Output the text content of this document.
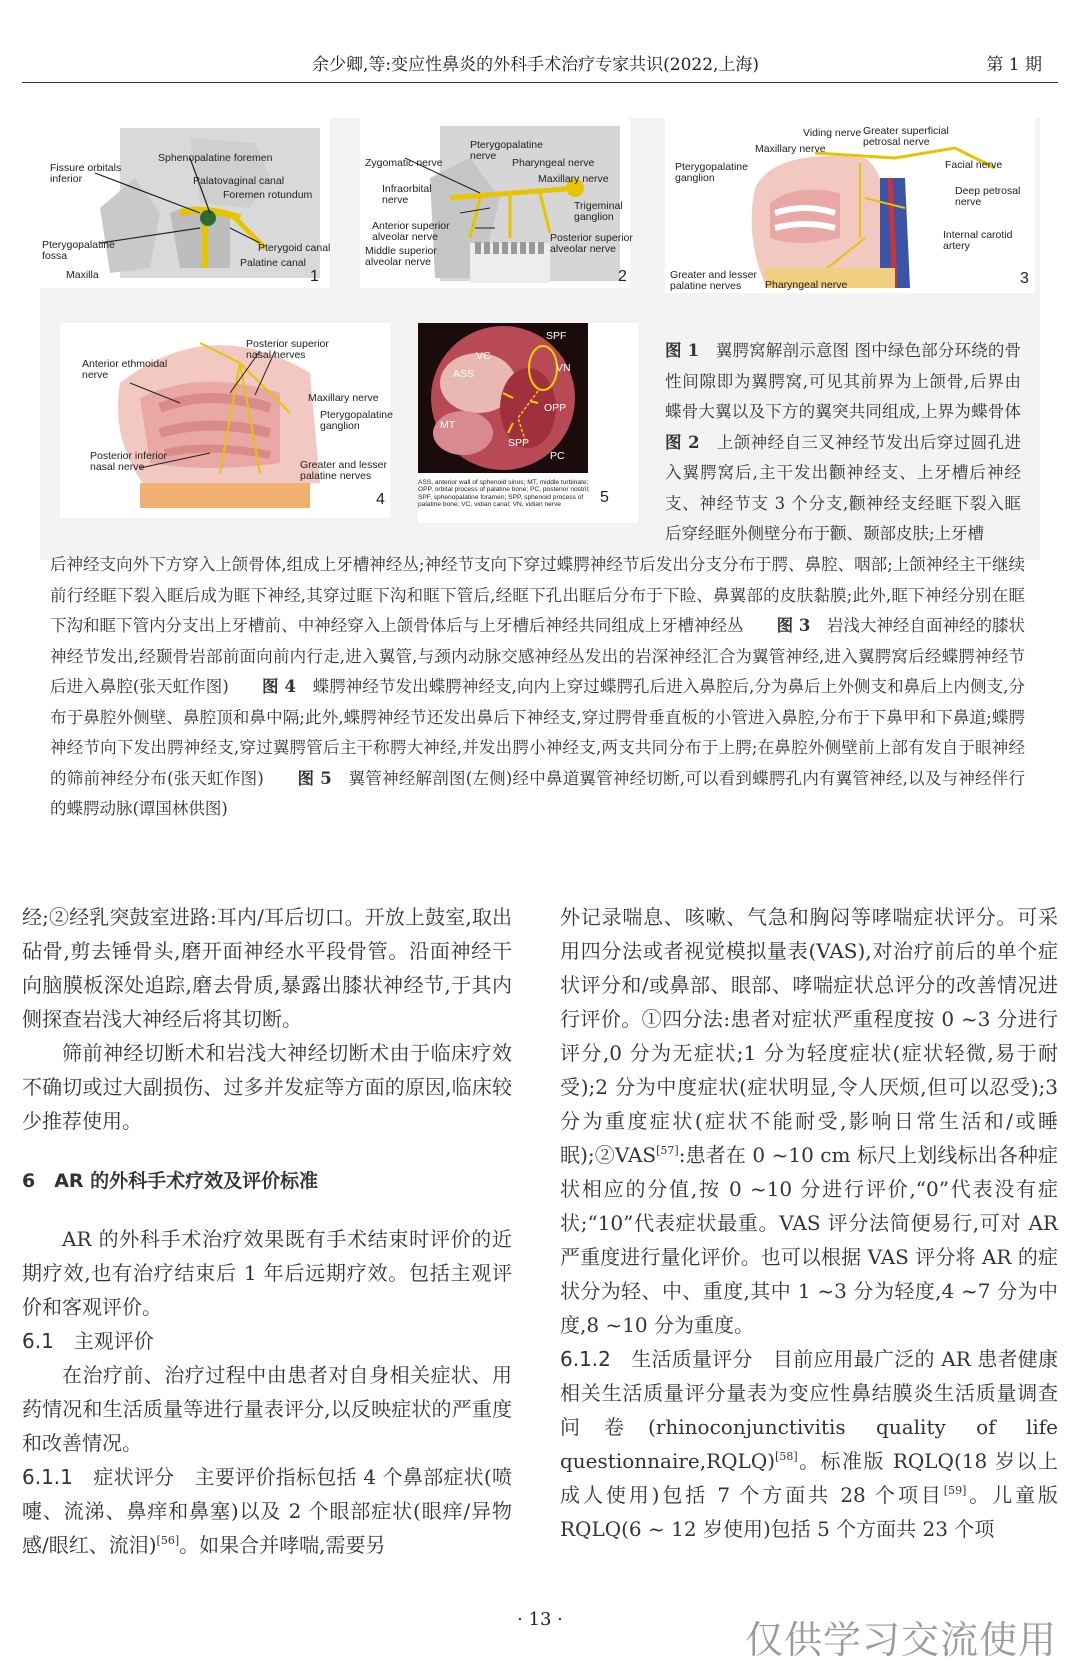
余少卿,等:变应性鼻炎的外科手术治疗专家共识(2022,上海)	第 1 期
Fissure orbitals inferior
Sphenopalatine foremen
Palatovaginal canal
Foremen rotundum
Pterygopalatine fossa
Pterygoid canal
Palatine canal
Maxilla	1
Pterygopalatine nerve
Zygomatic nerve	Pharyngeal nerve
Maxillary nerve
Infraorbital nerve	Trigeminal ganglion
Anterior superior alveolar nerve	Posterior superior alveolar nerve
Middle superior alveolar nerve
2
Viding nerve Greater superficial petrosal nerve
Maxillary nerve
Pterygopalatine ganglion
Facial nerve
Deep petrosal nerve
Internal carotid artery
Greater and lesser palatine nerves	Pharyngeal nerve	3
Posterior superior nasal nerves
Anterior ethmoidal nerve
Maxillary nerve
Pterygopalatine ganglion
Posterior inferior nasal nerve	Greater and lesser palatine nerves
4
SPF
VC
ASS	VN
MT
OPP
SPP
PC
ASS, anterior wall of sphenoid sinus; MT, middle turbinate; OPP, orbital process of palatine bone; PC, posterior nostril; SPF, sphenopalatine foramen; SPP, sphenoid process of palatine bone; VC, vidian canal; VN, vidian nerve	5
图 1　 翼腭窝解剖示意图 图中绿色部分环绕的骨性间隙即为翼腭窝,可见其前界为上颌骨,后界由蝶骨大翼以及下方的翼突共同组成,上界为蝶骨体　　图 2　 上颌神经自三叉神经节发出后穿过圆孔进入翼腭窝后,主干发出颧神经支、上牙槽后神经支、神经节支 3 个分支,颧神经支经眶下裂入眶后穿经眶外侧壁分布于颧、颞部皮肤;上牙槽
后神经支向外下方穿入上颌骨体,组成上牙槽神经丛;神经节支向下穿过蝶腭神经节后发出分支分布于腭、鼻腔、咽部;上颌神经主干继续前行经眶下裂入眶后成为眶下神经,其穿过眶下沟和眶下管后,经眶下孔出眶后分布于下睑、鼻翼部的皮肤黏膜;此外,眶下神经分别在眶下沟和眶下管内分支出上牙槽前、中神经穿入上颌骨体后与上牙槽后神经共同组成上牙槽神经丛　　 图 3　 岩浅大神经自面神经的膝状神经节发出,经颞骨岩部前面向前内行走,进入翼管,与颈内动脉交感神经丛发出的岩深神经汇合为翼管神经,进入翼腭窝后经蝶腭神经节后进入鼻腔(张天虹作图)　　 图 4　 蝶腭神经节发出蝶腭神经支,向内上穿过蝶腭孔后进入鼻腔后,分为鼻后上外侧支和鼻后上内侧支,分布于鼻腔外侧壁、鼻腔顶和鼻中隔;此外,蝶腭神经节还发出鼻后下神经支,穿过腭骨垂直板的小管进入鼻腔,分布于下鼻甲和下鼻道;蝶腭神经节向下发出腭神经支,穿过翼腭管后主干称腭大神经,并发出腭小神经支,两支共同分布于上腭;在鼻腔外侧壁前上部有发自于眼神经的筛前神经分布(张天虹作图)　　 图 5　 翼管神经解剖图(左侧)经中鼻道翼管神经切断,可以看到蝶腭孔内有翼管神经,以及与神经伴行的蝶腭动脉(谭国林供图)

经;②经乳突鼓室进路:耳内/耳后切口。开放上鼓室,取出砧骨,剪去锤骨头,磨开面神经水平段骨管。沿面神经干向脑膜板深处追踪,磨去骨质,暴露出膝状神经节,于其内侧探查岩浅大神经后将其切断。

筛前神经切断术和岩浅大神经切断术由于临床疗效不确切或过大副损伤、过多并发症等方面的原因,临床较少推荐使用。

6　AR 的外科手术疗效及评价标准

AR 的外科手术治疗效果既有手术结束时评价的近期疗效,也有治疗结束后 1 年后远期疗效。包括主观评价和客观评价。

6.1　主观评价

在治疗前、治疗过程中由患者对自身相关症状、用药情况和生活质量等进行量表评分,以反映症状的严重度和改善情况。

6.1.1　症状评分　主要评价指标包括 4 个鼻部症状(喷嚏、流涕、鼻痒和鼻塞)以及 2 个眼部症状(眼痒/异物感/眼红、流泪)[56]。如果合并哮喘,需要另

外记录喘息、咳嗽、气急和胸闷等哮喘症状评分。可采用四分法或者视觉模拟量表(VAS),对治疗前后的单个症状评分和/或鼻部、眼部、哮喘症状总评分的改善情况进行评价。①四分法:患者对症状严重程度按 0 ~3 分进行评分,0 分为无症状;1 分为轻度症状(症状轻微,易于耐受);2 分为中度症状(症状明显,令人厌烦,但可以忍受);3 分为重度症状(症状不能耐受,影响日常生活和/或睡眠);②VAS[57]:患者在 0 ~10 cm 标尺上划线标出各种症状相应的分值,按 0 ~10 分进行评价,“0”代表没有症状;“10”代表症状最重。VAS 评分法简便易行,可对 AR 严重度进行量化评价。也可以根据 VAS 评分将 AR 的症状分为轻、中、重度,其中 1 ~3 分为轻度,4 ~7 分为中度,8 ~10 分为重度。

6.1.2　生活质量评分　目前应用最广泛的 AR 患者健康相关生活质量评分量表为变应性鼻结膜炎生活质量调查问卷(rhinoconjunctivitis quality of life questionnaire,RQLQ)[58]。标准版 RQLQ(18 岁以上成人使用)包括 7 个方面共 28 个项目[59]。儿童版 RQLQ(6 ~ 12 岁使用)包括 5 个方面共 23 个项

· 13 ·	仅供学习交流使用
